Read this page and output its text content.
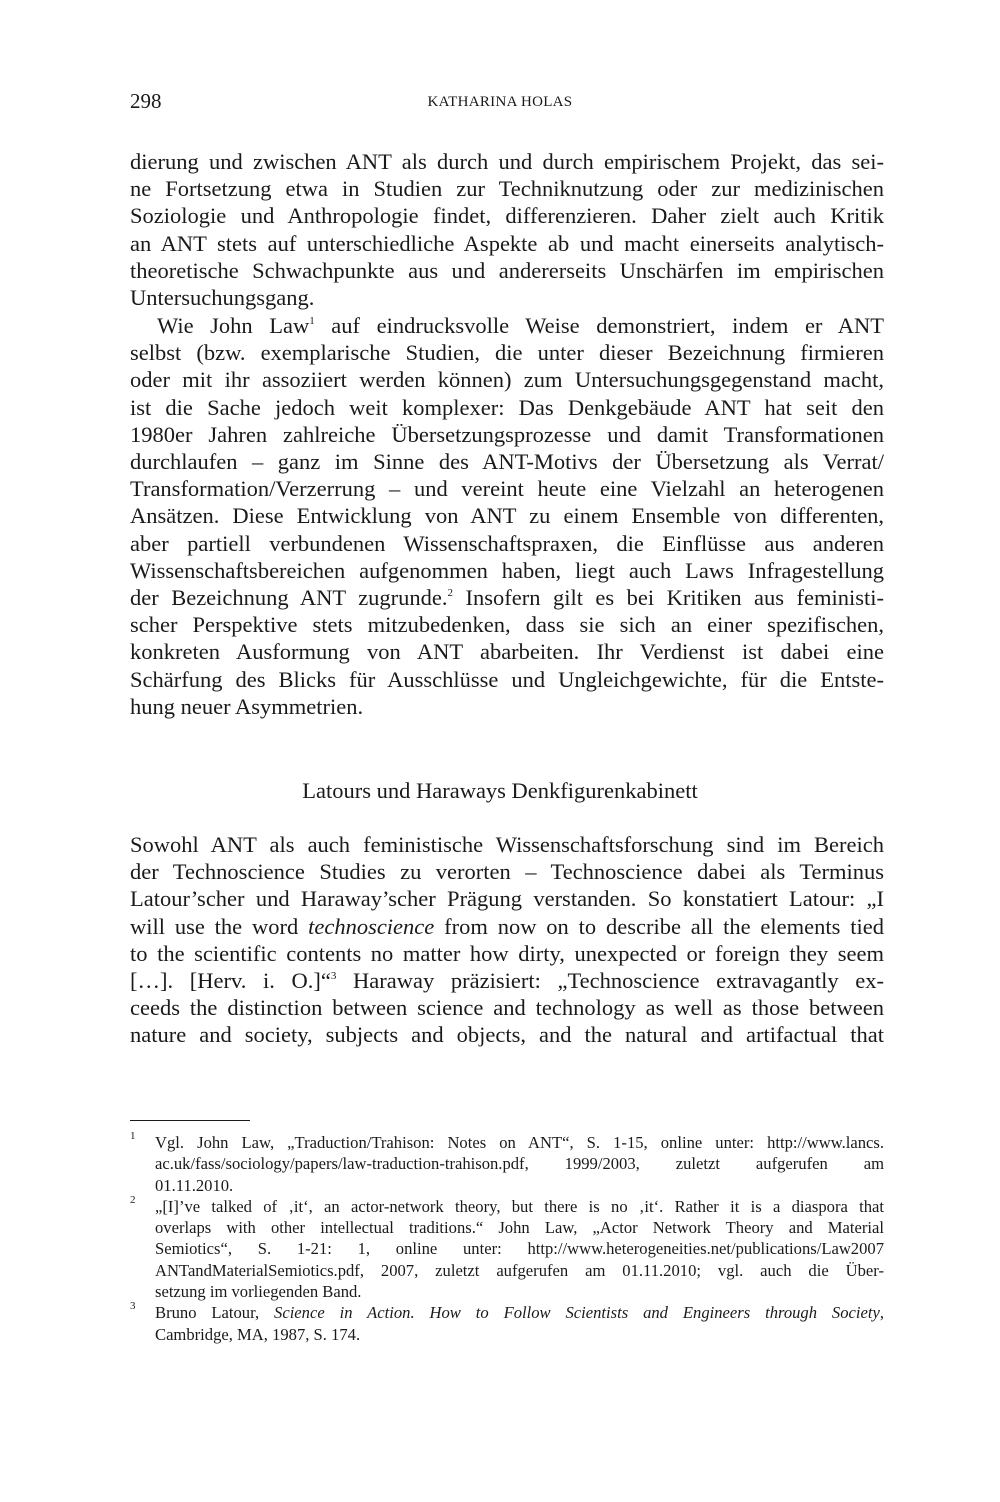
298	KATHARINA HOLAS
dierung und zwischen ANT als durch und durch empirischem Projekt, das sei-
ne Fortsetzung etwa in Studien zur Techniknutzung oder zur medizinischen
Soziologie und Anthropologie findet, differenzieren. Daher zielt auch Kritik
an ANT stets auf unterschiedliche Aspekte ab und macht einerseits analytisch-
theoretische Schwachpunkte aus und andererseits Unschärfen im empirischen
Untersuchungsgang.
Wie John Law$^1$ auf eindrucksvolle Weise demonstriert, indem er ANT
selbst (bzw. exemplarische Studien, die unter dieser Bezeichnung firmieren
oder mit ihr assoziiert werden können) zum Untersuchungsgegenstand macht,
ist die Sache jedoch weit komplexer: Das Denkgebäude ANT hat seit den
1980er Jahren zahlreiche Übersetzungsprozesse und damit Transformationen
durchlaufen – ganz im Sinne des ANT-Motivs der Übersetzung als Verrat/
Transformation/Verzerrung – und vereint heute eine Vielzahl an heterogenen
Ansätzen. Diese Entwicklung von ANT zu einem Ensemble von differenten,
aber partiell verbundenen Wissenschaftspraxen, die Einflüsse aus anderen
Wissenschaftsbereichen aufgenommen haben, liegt auch Laws Infragestellung
der Bezeichnung ANT zugrunde.$^2$ Insofern gilt es bei Kritiken aus feministi-
scher Perspektive stets mitzubedenken, dass sie sich an einer spezifischen,
konkreten Ausformung von ANT abarbeiten. Ihr Verdienst ist dabei eine
Schärfung des Blicks für Ausschlüsse und Ungleichgewichte, für die Entste-
hung neuer Asymmetrien.
Latours und Haraways Denkfigurenkabinett
Sowohl ANT als auch feministische Wissenschaftsforschung sind im Bereich
der Technoscience Studies zu verorten – Technoscience dabei als Terminus
Latour’scher und Haraway’scher Prägung verstanden. So konstatiert Latour: „I
will use the word technoscience from now on to describe all the elements tied
to the scientific contents no matter how dirty, unexpected or foreign they seem
[…]. [Herv. i. O.]“$^3$ Haraway präzisiert: „Technoscience extravagantly ex-
ceeds the distinction between science and technology as well as those between
nature and society, subjects and objects, and the natural and artifactual that
1 Vgl. John Law, „Traduction/Trahison: Notes on ANT“, S. 1-15, online unter: http://www.lancs.
ac.uk/fass/sociology/papers/law-traduction-trahison.pdf, 1999/2003, zuletzt aufgerufen am
01.11.2010.
2 „[I]’ve talked of ‚it‘, an actor-network theory, but there is no ‚it‘. Rather it is a diaspora that
overlaps with other intellectual traditions.“ John Law, „Actor Network Theory and Material
Semiotics“, S. 1-21: 1, online unter: http://www.heterogeneities.net/publications/Law2007
ANTandMaterialSemiotics.pdf, 2007, zuletzt aufgerufen am 01.11.2010; vgl. auch die Über-
setzung im vorliegenden Band.
3 Bruno Latour, Science in Action. How to Follow Scientists and Engineers through Society,
Cambridge, MA, 1987, S. 174.
